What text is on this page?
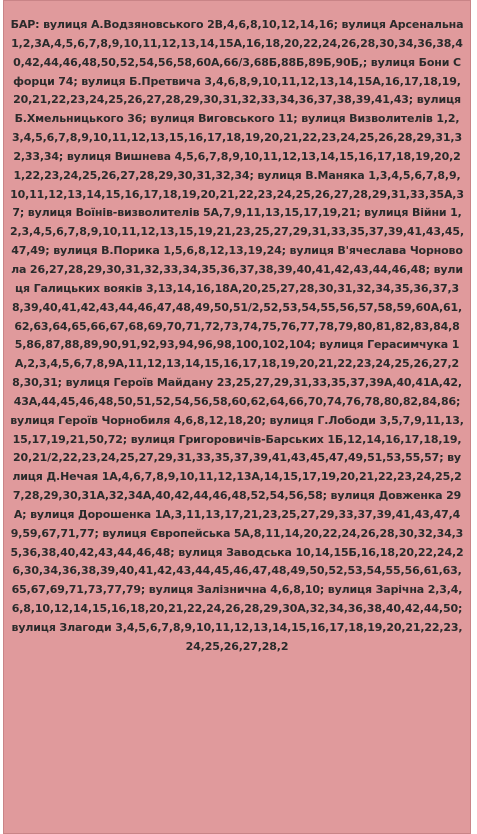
БАР: вулиця А.Водзяновського 2В,4,6,8,10,12,14,16; вулиця Арсенальна 1,2,3А,4,5,6,7,8,9,10,11,12,13,14,15А,16,18,20,22,24,26,28,30,34,36,38,40,42,44,46,48,50,52,54,56,58,60А,66/3,68Б,88Б,89Б,90Б,; вулиця Бони Сфорци 74; вулиця Б.Претвича 3,4,6,8,9,10,11,12,13,14,15А,16,17,18,19,20,21,22,23,24,25,26,27,28,29,30,31,32,33,34,36,37,38,39,41,43; вулиця Б.Хмельницького 36; вулиця Виговського 11; вулиця Визволителів 1,2,3,4,5,6,7,8,9,10,11,12,13,15,16,17,18,19,20,21,22,23,24,25,26,28,29,31,32,33,34; вулиця Вишнева 4,5,6,7,8,9,10,11,12,13,14,15,16,17,18,19,20,21,22,23,24,25,26,27,28,29,30,31,32,34; вулиця В.Маняка 1,3,4,5,6,7,8,9,10,11,12,13,14,15,16,17,18,19,20,21,22,23,24,25,26,27,28,29,31,33,35А,37; вулиця Воїнів-визволителів 5А,7,9,11,13,15,17,19,21; вулиця Війни 1,2,3,4,5,6,7,8,9,10,11,12,13,15,19,21,23,25,27,29,31,33,35,37,39,41,43,45,47,49; вулиця В.Порика 1,5,6,8,12,13,19,24; вулиця В'ячеслава Чорновола 26,27,28,29,30,31,32,33,34,35,36,37,38,39,40,41,42,43,44,46,48; вулиця Галицьких вояків 3,13,14,16,18А,20,25,27,28,30,31,32,34,35,36,37,38,39,40,41,42,43,44,46,47,48,49,50,51/2,52,53,54,55,56,57,58,59,60А,61,62,63,64,65,66,67,68,69,70,71,72,73,74,75,76,77,78,79,80,81,82,83,84,85,86,87,88,89,90,91,92,93,94,96,98,100,102,104; вулиця Герасимчука 1А,2,3,4,5,6,7,8,9А,11,12,13,14,15,16,17,18,19,20,21,22,23,24,25,26,27,28,30,31; вулиця Героїв Майдану 23,25,27,29,31,33,35,37,39А,40,41А,42,43А,44,45,46,48,50,51,52,54,56,58,60,62,64,66,70,74,76,78,80,82,84,86; вулиця Героїв Чорнобиля 4,6,8,12,18,20; вулиця Г.Лободи 3,5,7,9,11,13,15,17,19,21,50,72; вулиця Григоровичів-Барських 1Б,12,14,16,17,18,19,20,21/2,22,23,24,25,27,29,31,33,35,37,39,41,43,45,47,49,51,53,55,57; вулиця Д.Нечая 1А,4,6,7,8,9,10,11,12,13А,14,15,17,19,20,21,22,23,24,25,27,28,29,30,31А,32,34А,40,42,44,46,48,52,54,56,58; вулиця Довженка 29А; вулиця Дорошенка 1А,3,11,13,17,21,23,25,27,29,33,37,39,41,43,47,49,59,67,71,77; вулиця Європейська 5А,8,11,14,20,22,24,26,28,30,32,34,35,36,38,40,42,43,44,46,48; вулиця Заводська 10,14,15Б,16,18,20,22,24,26,30,34,36,38,39,40,41,42,43,44,45,46,47,48,49,50,52,53,54,55,56,61,63,65,67,69,71,73,77,79; вулиця Залізнична 4,6,8,10; вулиця Зарічна 2,3,4,6,8,10,12,14,15,16,18,20,21,22,24,26,28,29,30А,32,34,36,38,40,42,44,50; вулиця Злагоди 3,4,5,6,7,8,9,10,11,12,13,14,15,16,17,18,19,20,21,22,23,24,25,26,27,28,2
